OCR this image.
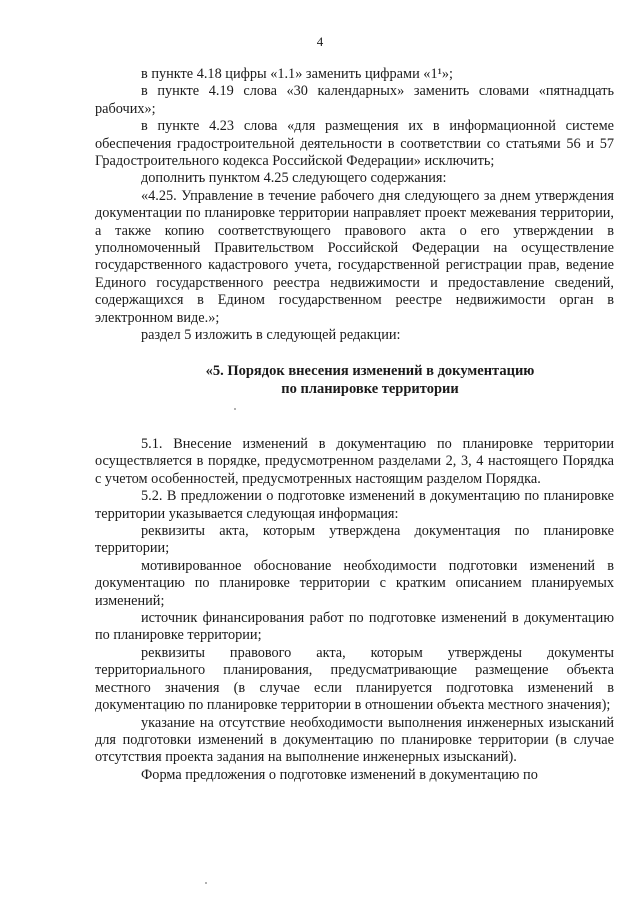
4

в пункте 4.18 цифры «1.1» заменить цифрами «1¹»;

в пункте 4.19 слова «30 календарных» заменить словами «пятнадцать рабочих»;

в пункте 4.23 слова «для размещения их в информационной системе обеспечения градостроительной деятельности в соответствии со статьями 56 и 57 Градостроительного кодекса Российской Федерации» исключить;

дополнить пунктом 4.25 следующего содержания:

«4.25. Управление в течение рабочего дня следующего за днем утверждения документации по планировке территории направляет проект межевания территории, а также копию соответствующего правового акта о его утверждении в уполномоченный Правительством Российской Федерации на осуществление государственного кадастрового учета, государственной регистрации прав, ведение Единого государственного реестра недвижимости и предоставление сведений, содержащихся в Едином государственном реестре недвижимости орган в электронном виде.»;

раздел 5 изложить в следующей редакции:

«5. Порядок внесения изменений в документацию
по планировке территории

5.1. Внесение изменений в документацию по планировке территории осуществляется в порядке, предусмотренном разделами 2, 3, 4 настоящего Порядка с учетом особенностей, предусмотренных настоящим разделом Порядка.

5.2. В предложении о подготовке изменений в документацию по планировке территории указывается следующая информация:

реквизиты акта, которым утверждена документация по планировке территории;

мотивированное обоснование необходимости подготовки изменений в документацию по планировке территории с кратким описанием планируемых изменений;

источник финансирования работ по подготовке изменений в документацию по планировке территории;

реквизиты правового акта, которым утверждены документы территориального планирования, предусматривающие размещение объекта местного значения (в случае если планируется подготовка изменений в документацию по планировке территории в отношении объекта местного значения);

указание на отсутствие необходимости выполнения инженерных изысканий для подготовки изменений в документацию по планировке территории (в случае отсутствия проекта задания на выполнение инженерных изысканий).

Форма предложения о подготовке изменений в документацию по
